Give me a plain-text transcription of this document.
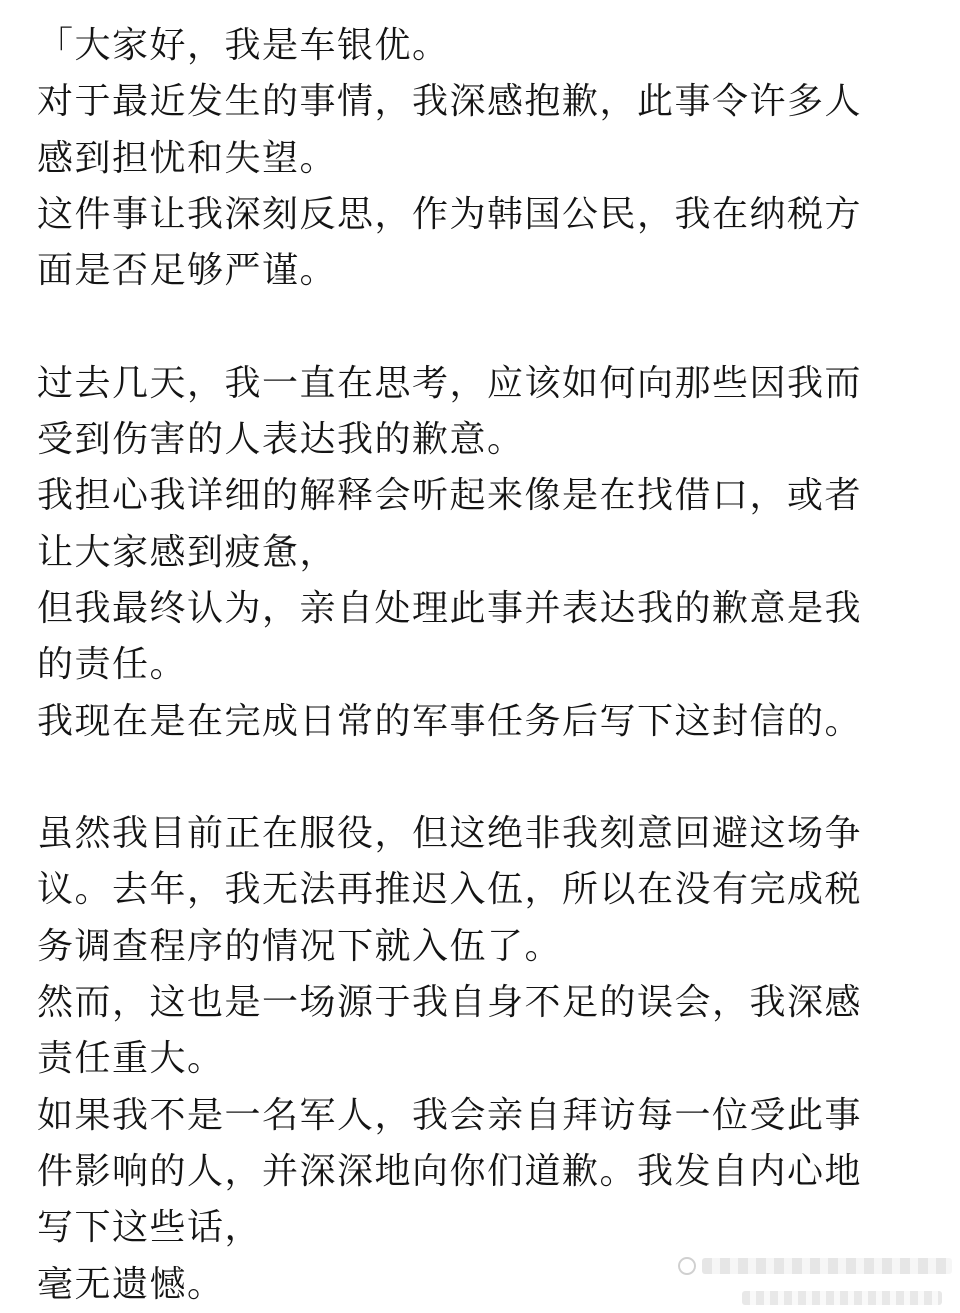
「大家好，我是车银优。
对于最近发生的事情，我深感抱歉，此事令许多人
感到担忧和失望。
这件事让我深刻反思，作为韩国公民，我在纳税方
面是否足够严谨。
过去几天，我一直在思考，应该如何向那些因我而
受到伤害的人表达我的歉意。
我担心我详细的解释会听起来像是在找借口，或者
让大家感到疲惫，
但我最终认为，亲自处理此事并表达我的歉意是我
的责任。
我现在是在完成日常的军事任务后写下这封信的。
虽然我目前正在服役，但这绝非我刻意回避这场争
议。去年，我无法再推迟入伍，所以在没有完成税
务调查程序的情况下就入伍了。
然而，这也是一场源于我自身不足的误会，我深感
责任重大。
如果我不是一名军人，我会亲自拜访每一位受此事
件影响的人，并深深地向你们道歉。我发自内心地
写下这些话，
毫无遗憾。
